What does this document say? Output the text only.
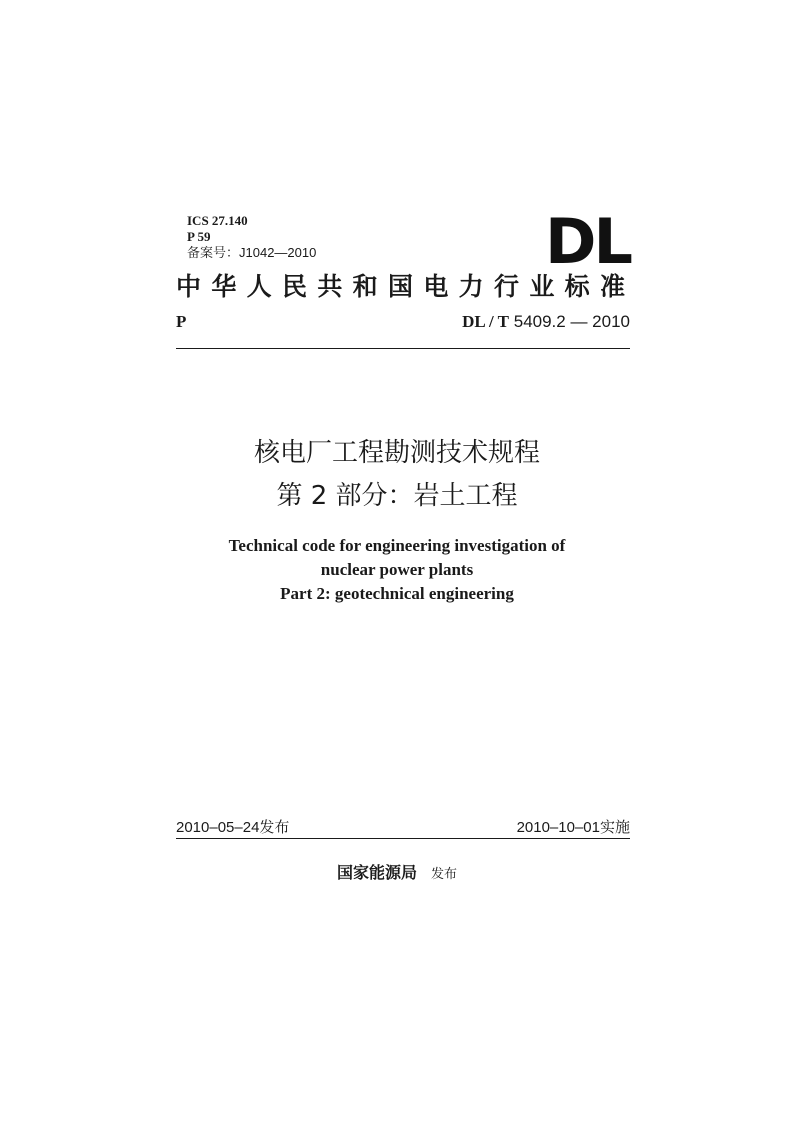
ICS 27.140
P 59
备案号：J1042—2010	DL
中华人民共和国电力行业标准
P	DL / T 5409.2 — 2010
核电厂工程勘测技术规程
第 2 部分：岩土工程
Technical code for engineering investigation of
nuclear power plants
Part 2: geotechnical engineering
2010–05–24发布	2010–10–01实施
国家能源局 发布
